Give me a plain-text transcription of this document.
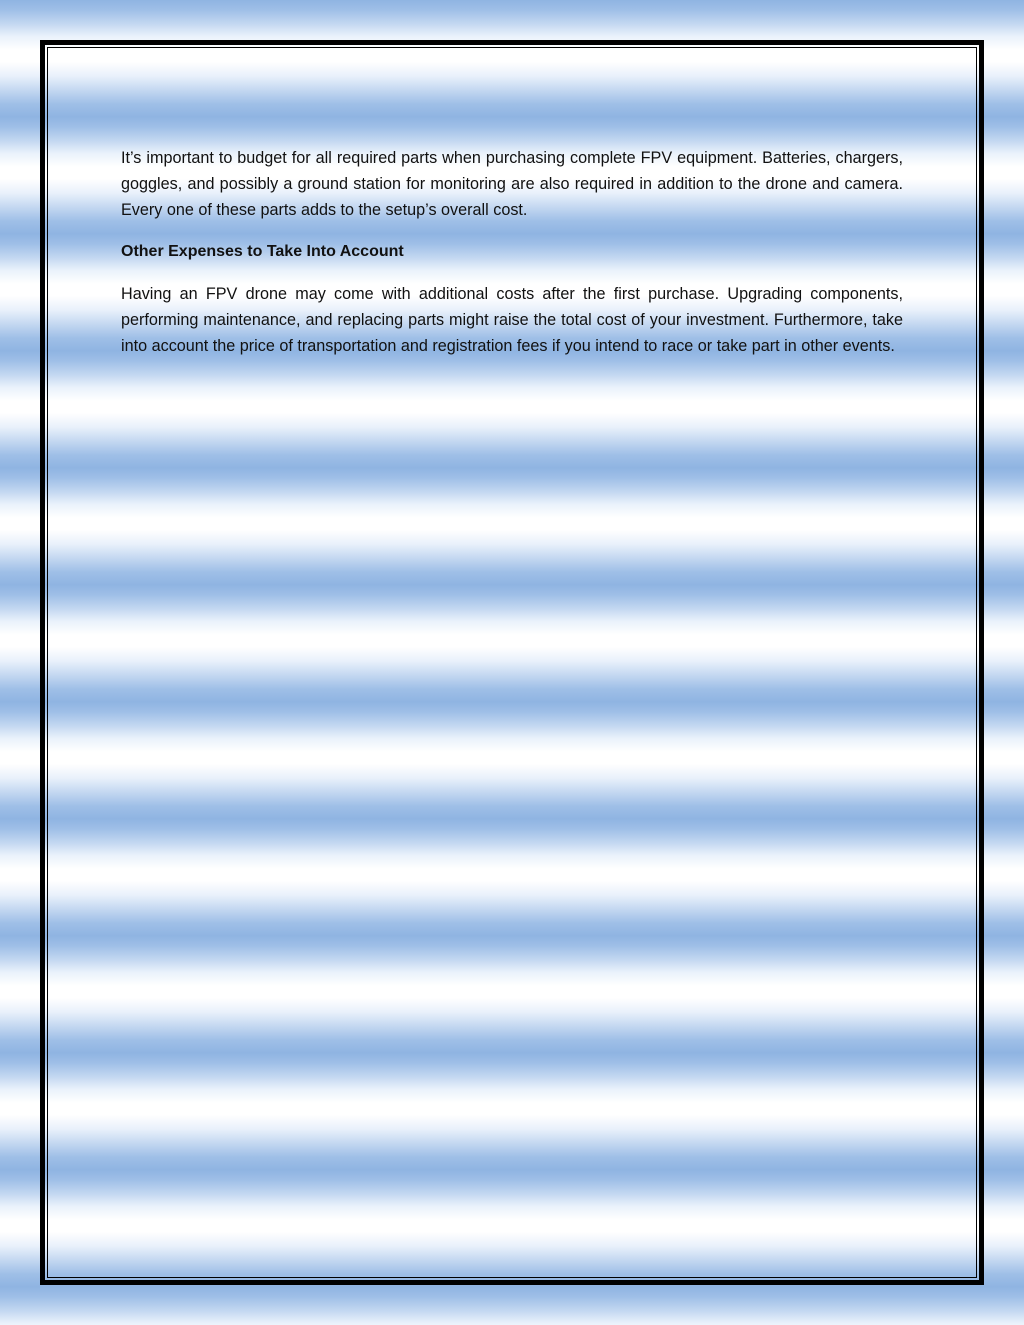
It’s important to budget for all required parts when purchasing complete FPV equipment. Batteries, chargers, goggles, and possibly a ground station for monitoring are also required in addition to the drone and camera. Every one of these parts adds to the setup’s overall cost.

Other Expenses to Take Into Account

Having an FPV drone may come with additional costs after the first purchase. Upgrading components, performing maintenance, and replacing parts might raise the total cost of your investment. Furthermore, take into account the price of transportation and registration fees if you intend to race or take part in other events.
